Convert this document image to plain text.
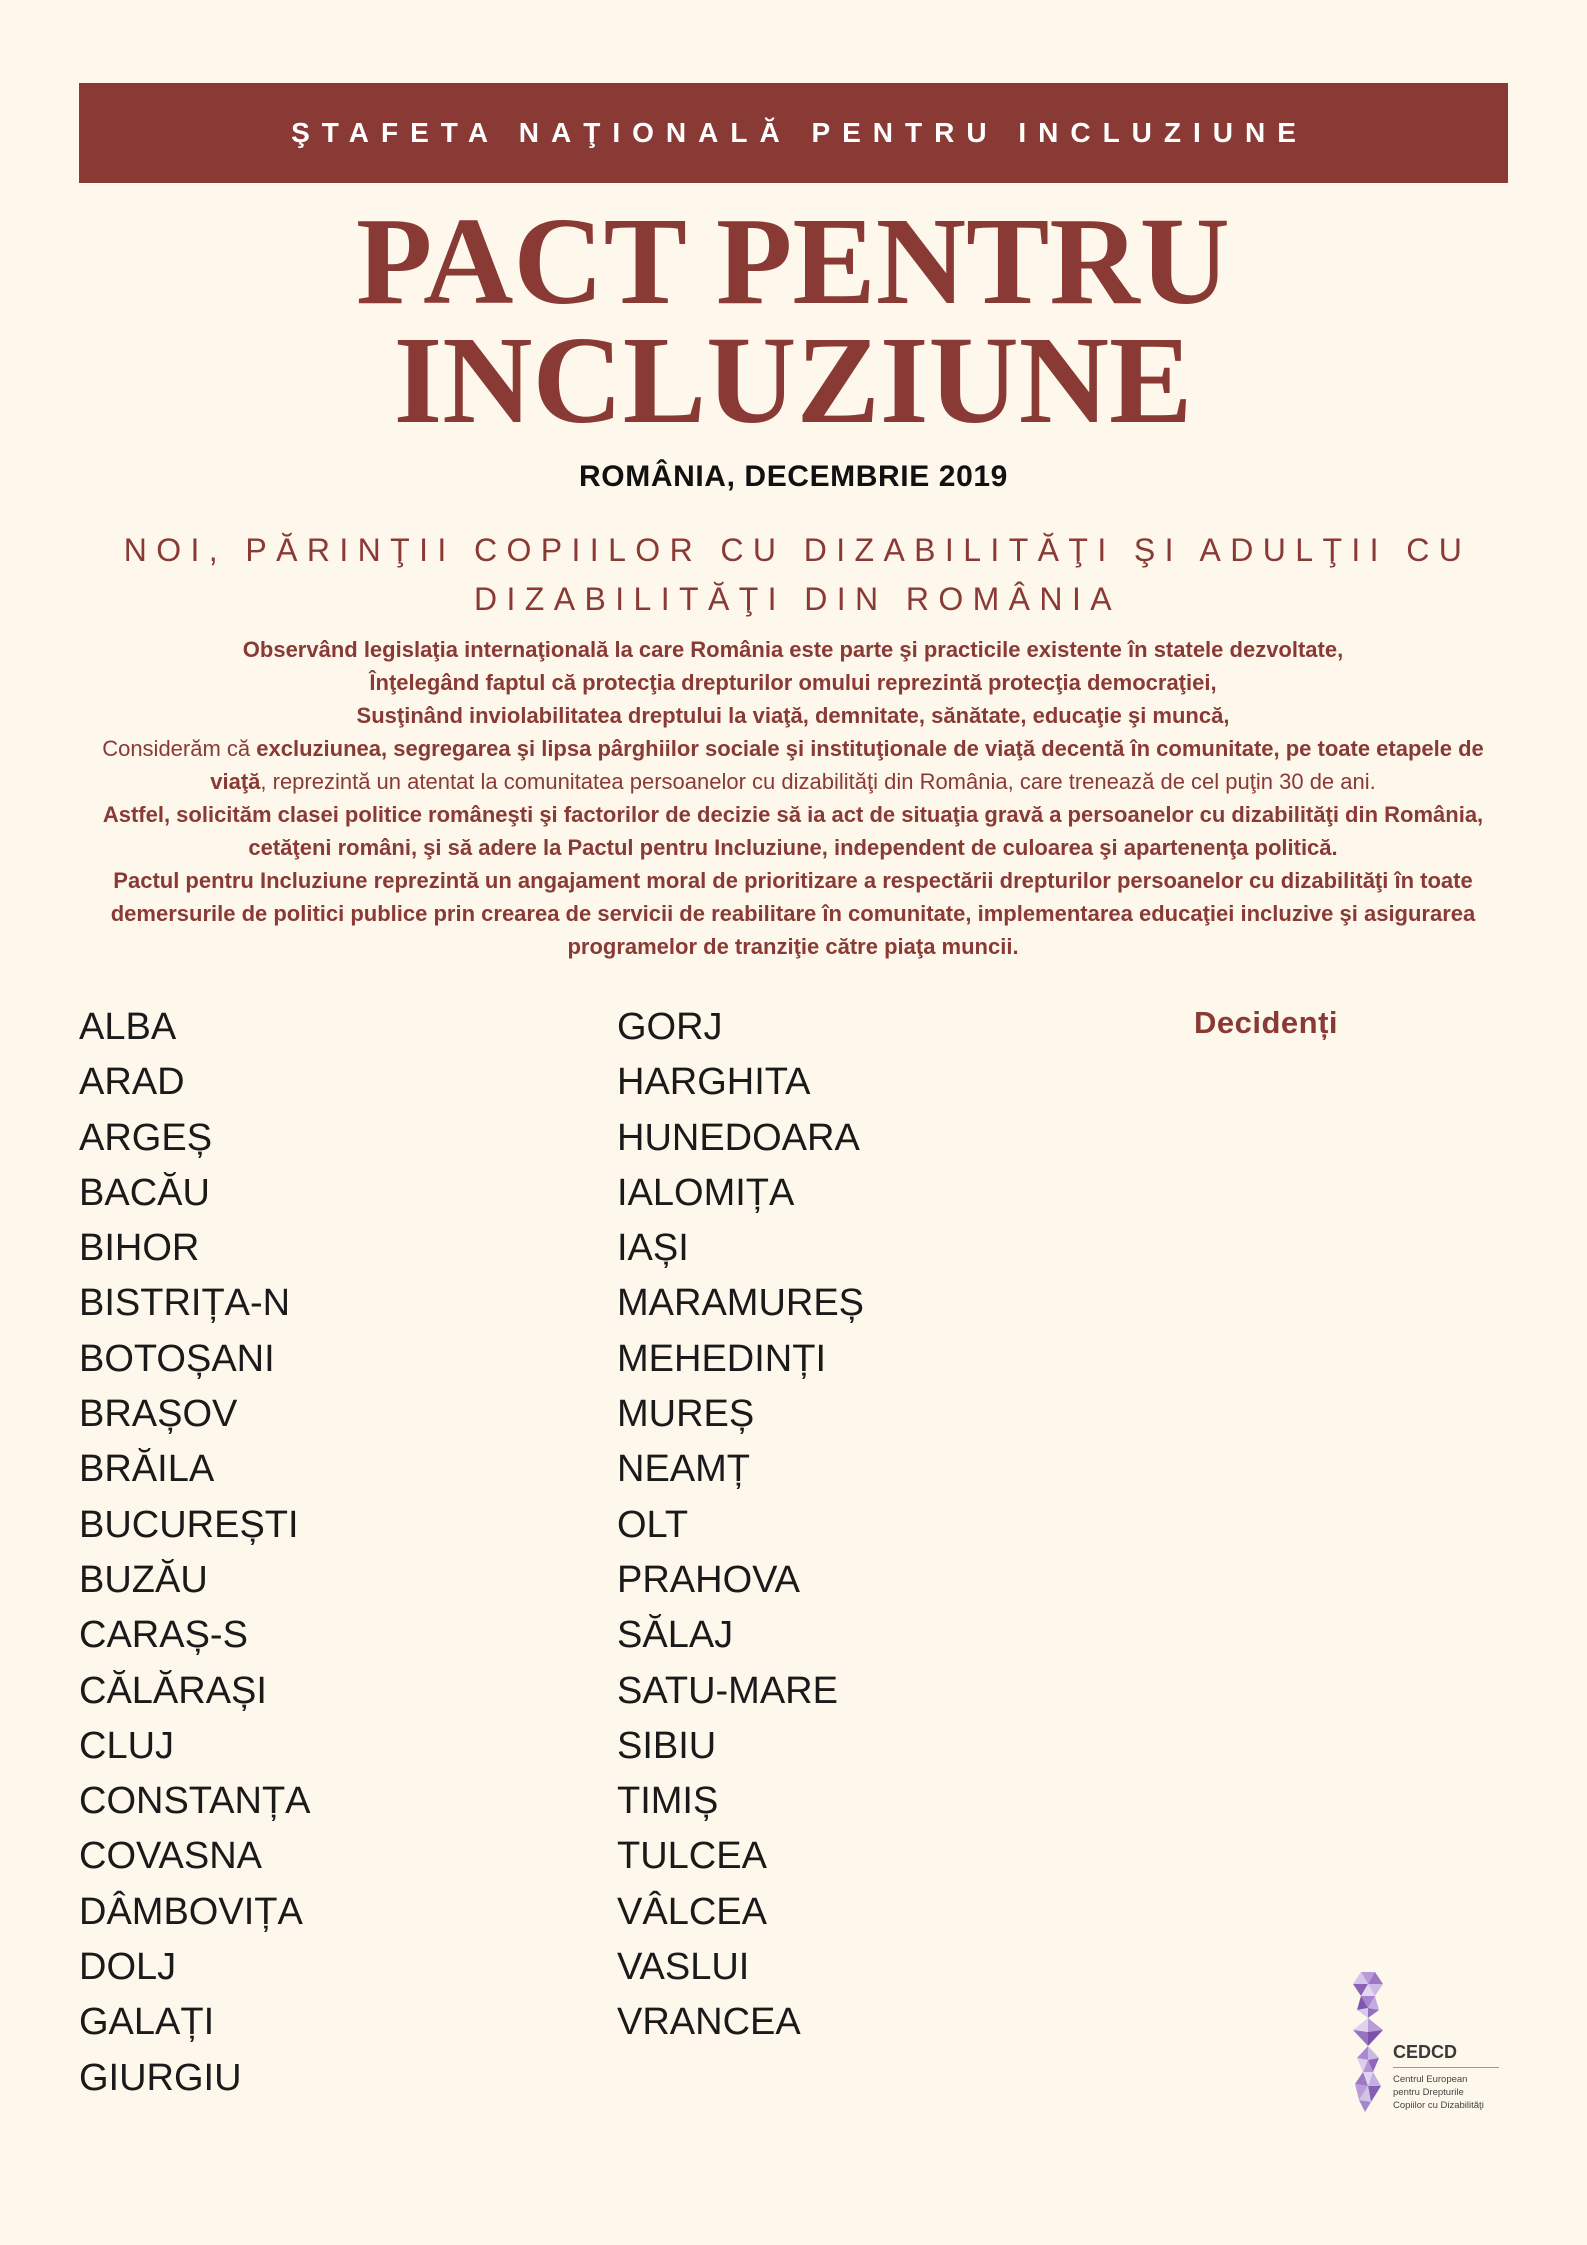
ŞTAFETA NAŢIONALĂ PENTRU INCLUZIUNE
PACT PENTRU INCLUZIUNE
ROMÂNIA, DECEMBRIE 2019
NOI, PĂRINŢII COPIILOR CU DIZABILITĂŢI ŞI ADULŢII CU DIZABILITĂŢI DIN ROMÂNIA

Observând legislaţia internaţională la care România este parte şi practicile existente în statele dezvoltate,

Înţelegând faptul că protecţia drepturilor omului reprezintă protecţia democraţiei,

Susţinând inviolabilitatea dreptului la viaţă, demnitate, sănătate, educaţie şi muncă,

Considerăm că excluziunea, segregarea şi lipsa pârghiilor sociale şi instituţionale de viaţă decentă în comunitate, pe toate etapele de viaţă, reprezintă un atentat la comunitatea persoanelor cu dizabilităţi din România, care trenează de cel puţin 30 de ani.

Astfel, solicităm clasei politice româneşti şi factorilor de decizie să ia act de situaţia gravă a persoanelor cu dizabilităţi din România, cetăţeni români, şi să adere la Pactul pentru Incluziune, independent de culoarea şi apartenenţa politică.

Pactul pentru Incluziune reprezintă un angajament moral de prioritizare a respectării drepturilor persoanelor cu dizabilităţi în toate demersurile de politici publice prin crearea de servicii de reabilitare în comunitate, implementarea educaţiei incluzive şi asigurarea programelor de tranziţie către piaţa muncii.

ALBA
ARAD
ARGEȘ
BACĂU
BIHOR
BISTRIȚA-N
BOTOȘANI
BRAȘOV
BRĂILA
BUCUREȘTI
BUZĂU
CARAȘ-S
CĂLĂRAȘI
CLUJ
CONSTANȚA
COVASNA
DÂMBOVIȚA
DOLJ
GALAȚI
GIURGIU
GORJ
HARGHITA
HUNEDOARA
IALOMIȚA
IAȘI
MARAMUREȘ
MEHEDINȚI
MUREȘ
NEAMȚ
OLT
PRAHOVA
SĂLAJ
SATU-MARE
SIBIU
TIMIȘ
TULCEA
VÂLCEA
VASLUI
VRANCEA
Decidenți
CEDCD
Centrul European
pentru Drepturile
Copiilor cu Dizabilităţi
